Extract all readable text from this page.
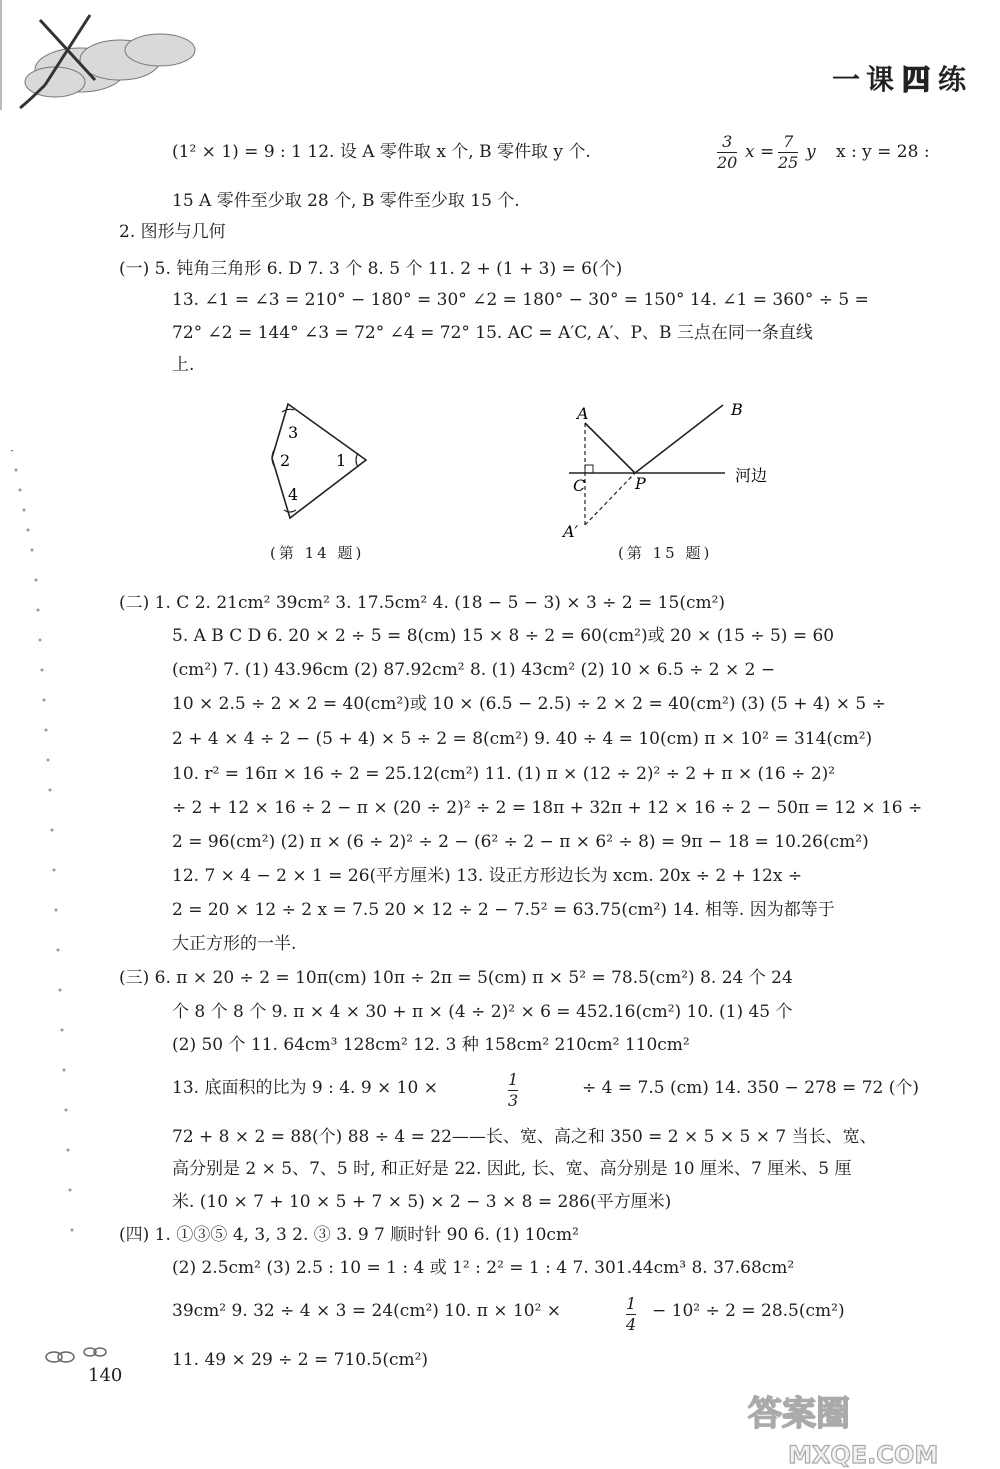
一课四练
(1² × 1) = 9 : 1 12. 设 A 零件取 x 个, B 零件取 y 个.	x : y = 28 :
15 A 零件至少取 28 个, B 零件至少取 15 个.
2. 图形与几何
(一) 5. 钝角三角形 6. D 7. 3 个 8. 5 个 11. 2 + (1 + 3) = 6(个)
13. ∠1 = ∠3 = 210° − 180° = 30° ∠2 = 180° − 30° = 150° 14. ∠1 = 360° ÷ 5 =
72° ∠2 = 144° ∠3 = 72° ∠4 = 72° 15. AC = A′C, A′、P、B 三点在同一条直线
上.
(二) 1. C 2. 21cm² 39cm² 3. 17.5cm² 4. (18 − 5 − 3) × 3 ÷ 2 = 15(cm²)
5. A B C D 6. 20 × 2 ÷ 5 = 8(cm) 15 × 8 ÷ 2 = 60(cm²)或 20 × (15 ÷ 5) = 60
(cm²) 7. (1) 43.96cm (2) 87.92cm² 8. (1) 43cm² (2) 10 × 6.5 ÷ 2 × 2 −
10 × 2.5 ÷ 2 × 2 = 40(cm²)或 10 × (6.5 − 2.5) ÷ 2 × 2 = 40(cm²) (3) (5 + 4) × 5 ÷
2 + 4 × 4 ÷ 2 − (5 + 4) × 5 ÷ 2 = 8(cm²) 9. 40 ÷ 4 = 10(cm) π × 10² = 314(cm²)
10. r² = 16π × 16 ÷ 2 = 25.12(cm²) 11. (1) π × (12 ÷ 2)² ÷ 2 + π × (16 ÷ 2)²
÷ 2 + 12 × 16 ÷ 2 − π × (20 ÷ 2)² ÷ 2 = 18π + 32π + 12 × 16 ÷ 2 − 50π = 12 × 16 ÷
2 = 96(cm²) (2) π × (6 ÷ 2)² ÷ 2 − (6² ÷ 2 − π × 6² ÷ 8) = 9π − 18 = 10.26(cm²)
12. 7 × 4 − 2 × 1 = 26(平方厘米) 13. 设正方形边长为 xcm. 20x ÷ 2 + 12x ÷
2 = 20 × 12 ÷ 2 x = 7.5 20 × 12 ÷ 2 − 7.5² = 63.75(cm²) 14. 相等. 因为都等于
大正方形的一半.
(三) 6. π × 20 ÷ 2 = 10π(cm) 10π ÷ 2π = 5(cm) π × 5² = 78.5(cm²) 8. 24 个 24
个 8 个 8 个 9. π × 4 × 30 + π × (4 ÷ 2)² × 6 = 452.16(cm²) 10. (1) 45 个
(2) 50 个 11. 64cm³ 128cm² 12. 3 种 158cm² 210cm² 110cm²
13. 底面积的比为 9 : 4. 9 × 10 ×	÷ 4 = 7.5 (cm) 14. 350 − 278 = 72 (个)
72 + 8 × 2 = 88(个) 88 ÷ 4 = 22——长、宽、高之和 350 = 2 × 5 × 5 × 7 当长、宽、
高分别是 2 × 5、7、5 时, 和正好是 22. 因此, 长、宽、高分别是 10 厘米、7 厘米、5 厘
米. (10 × 7 + 10 × 5 + 7 × 5) × 2 − 3 × 8 = 286(平方厘米)
(四) 1. ①③⑤ 4, 3, 3 2. ③ 3. 9 7 顺时针 90 6. (1) 10cm²
(2) 2.5cm² (3) 2.5 : 10 = 1 : 4 或 1² : 2² = 1 : 4 7. 301.44cm³ 8. 37.68cm²
39cm² 9. 32 ÷ 4 × 3 = 24(cm²) 10. π × 10² ×	− 10² ÷ 2 = 28.5(cm²)
11. 49 × 29 ÷ 2 = 710.5(cm²)
$\frac{3}{20}$ $x = \frac{7}{25}$ y
$\frac{1}{3}$
$\frac{1}{4}$
3
2	1
4
(第 14 题)
A	B
C	P
A′
河边
(第 15 题)
140
答案圈
MXQE.COM
